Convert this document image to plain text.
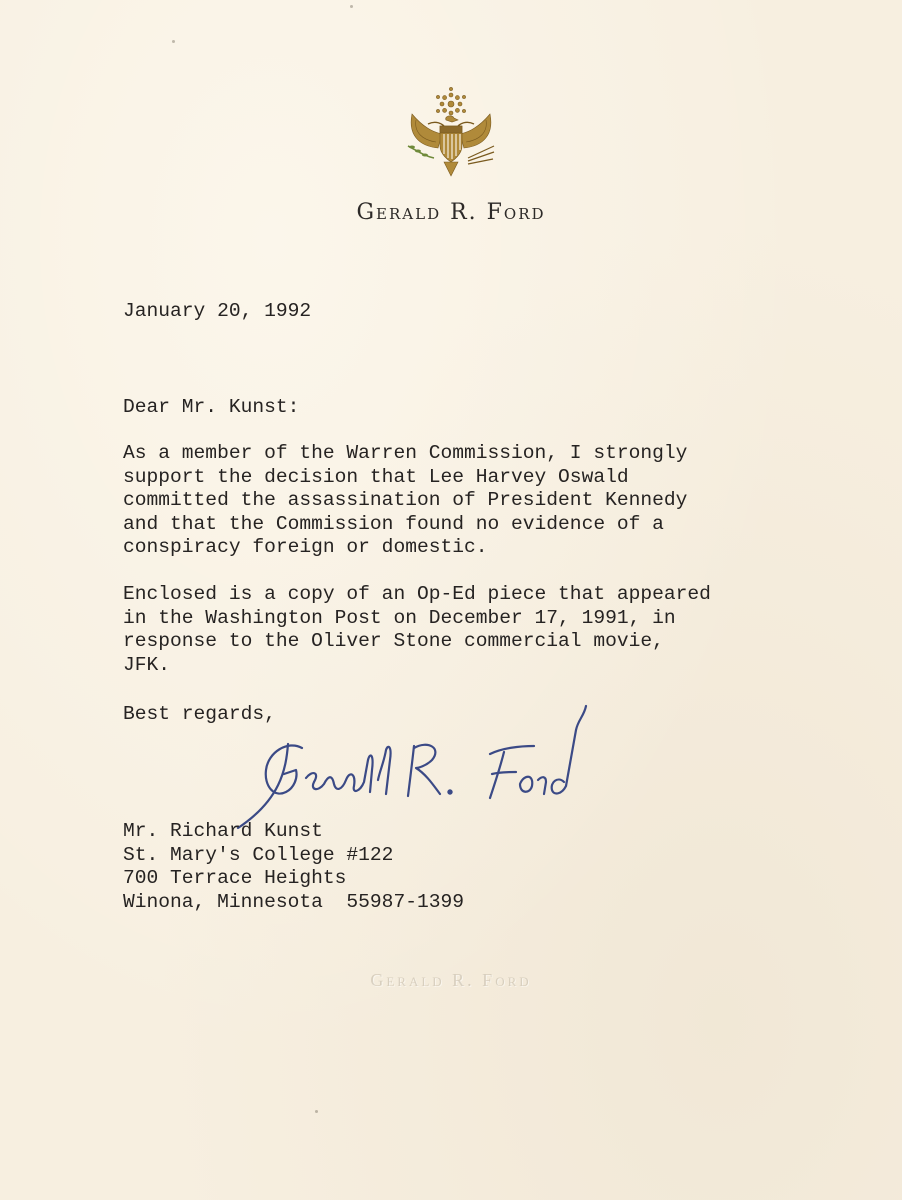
Gerald R. Ford
January 20, 1992
Dear Mr. Kunst:
As a member of the Warren Commission, I strongly
support the decision that Lee Harvey Oswald
committed the assassination of President Kennedy
and that the Commission found no evidence of a
conspiracy foreign or domestic.
Enclosed is a copy of an Op-Ed piece that appeared
in the Washington Post on December 17, 1991, in
response to the Oliver Stone commercial movie,
JFK.
Best regards,
Mr. Richard Kunst
St. Mary's College #122
700 Terrace Heights
Winona, Minnesota  55987-1399
Gerald R. Ford
